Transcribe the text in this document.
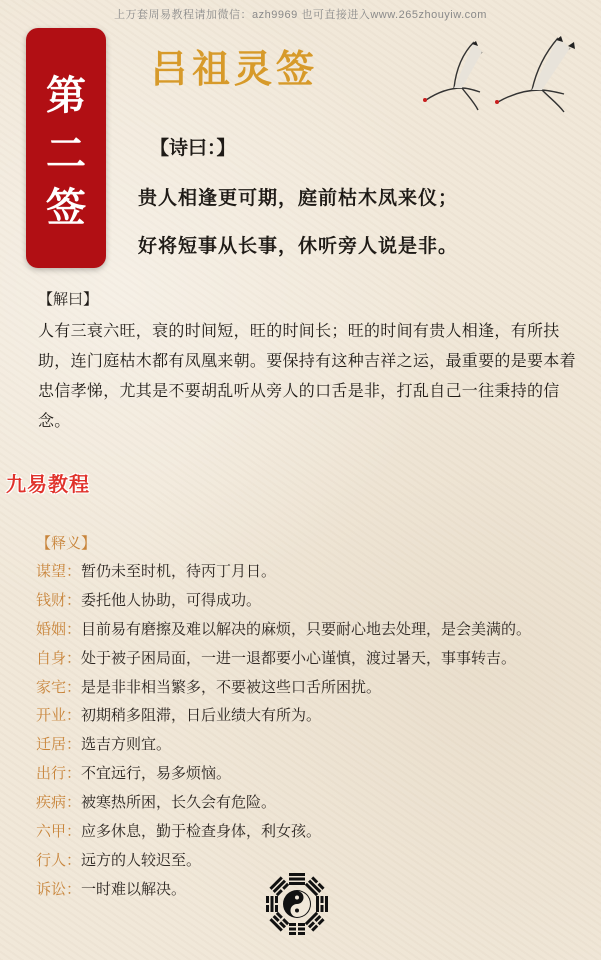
上万套周易教程请加微信：azh9969 也可直接进入www.265zhouyiw.com
第
二
签
吕祖灵签
【诗曰：】
贵人相逢更可期，庭前枯木凤来仪；
好将短事从长事，休听旁人说是非。
【解曰】
人有三衰六旺，衰的时间短，旺的时间长；旺的时间有贵人相逢，有所扶助，连门庭枯木都有凤凰来朝。要保持有这种吉祥之运，最重要的是要本着忠信孝悌，尤其是不要胡乱听从旁人的口舌是非，打乱自己一往秉持的信念。
九易教程
【释义】
谋望：暂仍未至时机，待丙丁月日。
钱财：委托他人协助，可得成功。
婚姻：目前易有磨擦及难以解决的麻烦，只要耐心地去处理，是会美满的。
自身：处于被子困局面，一进一退都要小心谨慎，渡过暑天，事事转吉。
家宅：是是非非相当繁多，不要被这些口舌所困扰。
开业：初期稍多阻滞，日后业绩大有所为。
迁居：选吉方则宜。
出行：不宜远行，易多烦恼。
疾病：被寒热所困，长久会有危险。
六甲：应多休息，勤于检查身体，利女孩。
行人：远方的人较迟至。
诉讼：一时难以解决。
